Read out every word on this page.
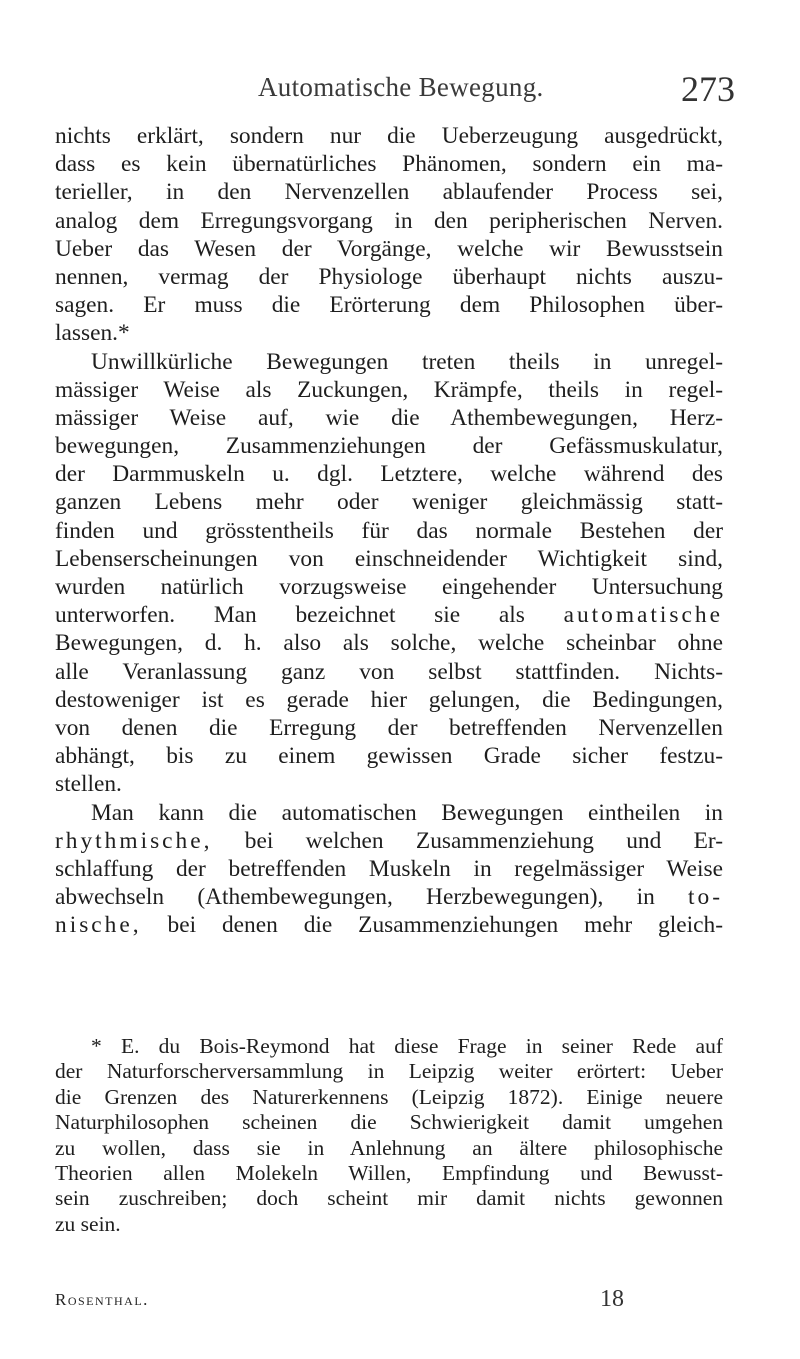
Automatische Bewegung.	273
nichts erklärt, sondern nur die Ueberzeugung ausgedrückt,
dass es kein übernatürliches Phänomen, sondern ein ma-
terieller, in den Nervenzellen ablaufender Process sei,
analog dem Erregungsvorgang in den peripherischen Nerven.
Ueber das Wesen der Vorgänge, welche wir Bewusstsein
nennen, vermag der Physiologe überhaupt nichts auszu-
sagen. Er muss die Erörterung dem Philosophen über-
lassen.*
Unwillkürliche Bewegungen treten theils in unregel-
mässiger Weise als Zuckungen, Krämpfe, theils in regel-
mässiger Weise auf, wie die Athembewegungen, Herz-
bewegungen, Zusammenziehungen der Gefässmuskulatur,
der Darmmuskeln u. dgl. Letztere, welche während des
ganzen Lebens mehr oder weniger gleichmässig statt-
finden und grösstentheils für das normale Bestehen der
Lebenserscheinungen von einschneidender Wichtigkeit sind,
wurden natürlich vorzugsweise eingehender Untersuchung
unterworfen. Man bezeichnet sie als automatische
Bewegungen, d. h. also als solche, welche scheinbar ohne
alle Veranlassung ganz von selbst stattfinden. Nichts-
destoweniger ist es gerade hier gelungen, die Bedingungen,
von denen die Erregung der betreffenden Nervenzellen
abhängt, bis zu einem gewissen Grade sicher festzu-
stellen.
Man kann die automatischen Bewegungen eintheilen in
rhythmische, bei welchen Zusammenziehung und Er-
schlaffung der betreffenden Muskeln in regelmässiger Weise
abwechseln (Athembewegungen, Herzbewegungen), in to-
nische, bei denen die Zusammenziehungen mehr gleich-
* E. du Bois-Reymond hat diese Frage in seiner Rede auf
der Naturforscherversammlung in Leipzig weiter erörtert: Ueber
die Grenzen des Naturerkennens (Leipzig 1872). Einige neuere
Naturphilosophen scheinen die Schwierigkeit damit umgehen
zu wollen, dass sie in Anlehnung an ältere philosophische
Theorien allen Molekeln Willen, Empfindung und Bewusst-
sein zuschreiben; doch scheint mir damit nichts gewonnen
zu sein.
Rosenthal.	18
